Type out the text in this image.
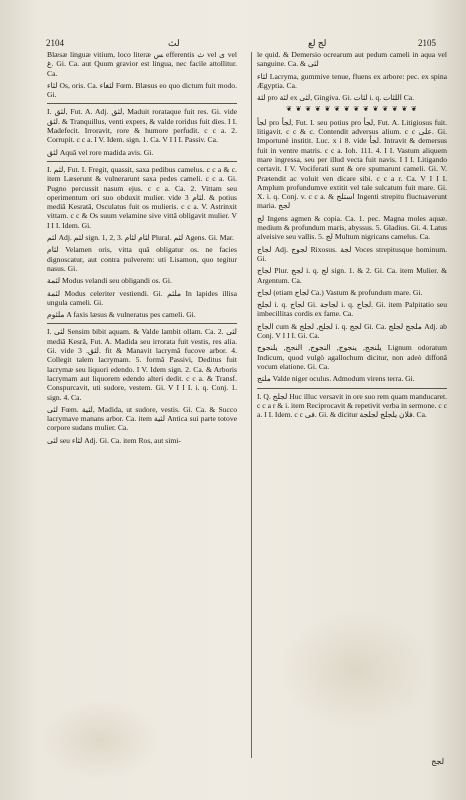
2104	لث	لج لع	2105

Blæsæ linguæ vitium, loco literæ ﺲ efferentis ﺙ vel ﻯ vel ﻍ. Gi. Ca. aut Quum gravior est lingua, nec facile attollitur. Ca.

ﻟﺜﺎﺀ Os, oris. Ca. ﻟﺜﻐﺎﺀ Fœm. Blæsus eo quo dictum fuit modo. Gi.

I. ﻟﺜﻖ, Fut. A. Adj. ﻟﺜﻖ, Maduit rorataque fuit res. Gi. vide ﻟﺜﻖ. & Tranquillus, venti expers, & valde roridus fuit dies. I I. Madefecit. Irroravit, rore & humore perfudit. c c a. 2. Corrupit. c c a. I V. Idem. sign. 1. Ca. V I I I. Passiv. Ca.

ﻟﺜﻖ Aquâ vel rore madida avis. Gi.

I. ﻟﺜﻢ, Fut. I. Fregit, quassit, saxa pedibus camelus. c c a & c. item Læserunt & vulnerarunt saxa pedes cameli. c c a. Gi. Pugno percussit nasum ejus. c c a. Ca. 2. Vittam seu operimentum ori suo obduxit mulier. vide ﻟﺜﺎﻡ 3. & potius mediâ Kesratâ, Osculatus fuit os mulieris. c c a. V. Astrinxit vittam. c c & Os suum velamine sive vittâ obligavit mulier. V I I I. Idem. Gi.

ﻟﺜﻢ Adj. ﻟﺜﻢ sign. 1, 2, 3. ﻟﺜﺎﻡ ﻟﺜﺎﻡ Plural. ﻟﺜﻢ Agens. Gi. Mar.

ﻟﺜﺎﻡ Velamen oris, vitta quâ obligatur os. ne facies dignoscatur, aut contra pulverem: uti Lisamon, quo tegitur nasus. Gi.

ﻟﺜﻤﺔ Modus velandi seu obligandi os. Gi.

ﻟﺜﻤﺔ Modus celeriter vestiendi. Gi. ﻣﻠﺜﻢ In lapides illisa ungula cameli. Gi.

ﻣﻠﺜﻮﻡ A faxis læsus & vulneratus pes cameli. Gi.

I. ﻟﺜﻰ Sensim bibit aquam. & Valde lambit ollam. Ca. 2. ﻟﺜﻰ mediâ Kesrâ, Fut. A. Madida seu irrorata fuit vestis, res alia. Gi. vide ﻟﺜﻖ. 3. fit & Manavit lacrymâ fucove arbor. 4. Collegit talem lacrymam. 5. formâ Passivi, Deditus fuit lacrymæ seu liquori edendo. I V. Idem sign. 2. Ca. & Arboris lacrymam aut liquorem edendo alteri dedit. c c a. & Transf. Conspurcavit, uti sudore, vestem. Gi. V I I I. i. q. Conj. 1. sign. 4. Ca.

ﻟﺜﻰ Fœm. ﻟﺜﻴﺔ, Madida, ut sudore, vestis. Gi. Ca. & Succo lacrymave manans arbor. Ca. item ﻟﺜﻴﺔ Antica sui parte totove corpore sudans mulier. Ca.

ﻟﺜﻰ seu ﻟﺜﺎﺀ Adj. Gi. Ca. item Ros, aut simi-

le quid. & Demersio ocrearum aut pedum cameli in aqua vel sanguine. Ca. & ﻟﺜﻰ

ﻟﺜﺎﺀ Lacryma, gummive tenue, fluens ex arbore: pec. ex spina Ægyptia. Ca.

ﻟﺜﺔ pro ﻟﺜﺔ ex ﻟﺜﻰ, Gingiva. Gi. ﻟﺜﺎﺕ i. q. ﺍﻟﻠﺜﺎﺕ Ca.

❦ ❦ ❦ ❦ ❦ ❦ ❦ ❦ ❦ ❦ ❦ ❦ ❦ ❦

ﻟﺠﺄ pro ﻟﺠﺄ, Fut. I. seu potius pro ﻟﺠﺄ, Fut. A. Litigiosus fuit. litigavit. c c & c. Contendit adversus alium. c c ﻋﻠﻰ. Gi. Importunè institit. Luc. x i 8. vide ﻟﺠﺄ. Intravit & demersus fuit in ventre matris. c c a. Ioh. 111. 4. I I. Vastum aliquem mare ingressa, seu per illud vecta fuit navis. I I I. Litigando certavit. I V. Vociferati sunt & ore spumarunt cameli. Gi. V. Prætendit ac voluit ven dicare sibi. c c a r. Ca. V I I I. Amplum profundumve extitit vel tale sulcatum fuit mare. Gi. X. i. q. Conj. v. c c a. & ﺍﺳﺘﻠﺞ Ingenti strepitu fluctuaverunt maria. ﻟﺠﺞ

ﻟﺞ Ingens agmen & copia. Ca. 1. pec. Magna moles aquæ. medium & profundum maris, abyssus. 5. Gladius. Gi. 4. Latus alveisive seu vallis. 5. ﻟﺞ Multum nigricans camelus. Ca.

ﻟﺠﺎﺝ Adj. ﻟﺠﻮﺝ Rixosus. ﻟﺠﺔ Voces strepitusque hominum. Gi.

ﻟﺠﺎﺝ Plur. ﻟﺠﺞ i. q. ﻟﺞ sign. 1. & 2. Gi. Ca. item Mulier. & Argentum. Ca.

ﻟﺠﺎﺝ (etiam ﻟﺠﺎﺝ Ca.) Vastum & profundum mare. Gi.

ﻟﺠﻠﺞ i. q. ﻟﺠﺎﺝ Gi. ﻟﺠﺎﺟﺔ i. q. ﻟﺠﺎﺝ. Gi. item Palpitatio seu imbecillitas cordis ex fame. Ca.

ﺍﻟﺠﺎﺝ cum & ﻟﺠﻠﺞ, ﻟﺠﻠﺞ i. q. ﻟﺠﺞ Gi. Ca. ﻣﻠﺠﺞ ﻟﺠﻠﺞ Adj. ab Conj. V I I I. Gi. Ca.

ﻳﻠﻨﺠﺞ, ﻳﻨﺠﻮﺝ, ﺍﻟﻨﺠﻮﺝ, ﺍﻟﻨﺠﺞ, ﻳﻠﻨﺠﻮﺝ Lignum odoratum Indicum, quod vulgò agallochum dicitur, non adeò diffonâ vocum elatione. Gi. Ca.

ﻣﻠﺘﺞ Valde niger oculus. Admodum virens terra. Gi.

I. Q. ﻟﺠﻠﺞ Huc illuc versavit in ore suo rem quam manducaret. c c a r & i. item Reciprocavit & repetivit verba in sermone. c c a. I I. Idem. c c ﻓﻰ. Gi. & dicitur ﻓﻼﻥ ﻳﻠﺠﻠﺞ ﻟﺠﻠﺠﺔ. Ca.

ﻟﺠﺞ
